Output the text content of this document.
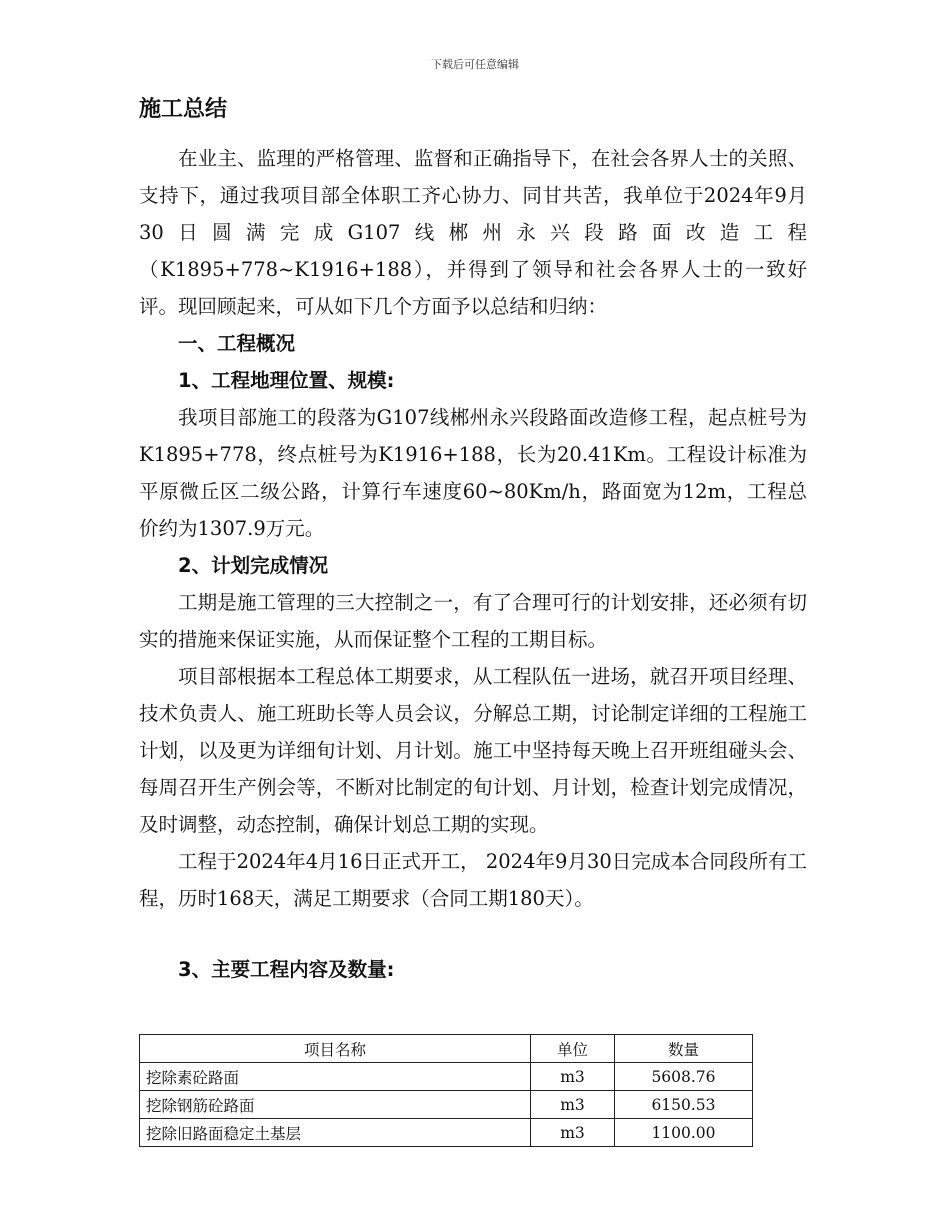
下载后可任意编辑
施工总结

在业主、监理的严格管理、监督和正确指导下，在社会各界人士的关照、支持下，通过我项目部全体职工齐心协力、同甘共苦，我单位于2024年9月30日圆满完成G107线郴州永兴段路面改造工程（K1895+778~K1916+188），并得到了领导和社会各界人士的一致好评。现回顾起来，可从如下几个方面予以总结和归纳：

一、工程概况
1、工程地理位置、规模:

我项目部施工的段落为G107线郴州永兴段路面改造修工程，起点桩号为K1895+778，终点桩号为K1916+188，长为20.41Km。工程设计标准为平原微丘区二级公路，计算行车速度60~80Km/h，路面宽为12m，工程总价约为1307.9万元。

2、计划完成情况

工期是施工管理的三大控制之一，有了合理可行的计划安排，还必须有切实的措施来保证实施，从而保证整个工程的工期目标。

项目部根据本工程总体工期要求，从工程队伍一进场，就召开项目经理、技术负责人、施工班助长等人员会议，分解总工期，讨论制定详细的工程施工计划，以及更为详细旬计划、月计划。施工中坚持每天晚上召开班组碰头会、每周召开生产例会等，不断对比制定的旬计划、月计划，检查计划完成情况，及时调整，动态控制，确保计划总工期的实现。

工程于2024年4月16日正式开工， 2024年9月30日完成本合同段所有工程，历时168天，满足工期要求（合同工期180天）。

3、主要工程内容及数量:
项目名称	单位	数量
挖除素砼路面	m3	5608.76
挖除钢筋砼路面	m3	6150.53
挖除旧路面稳定土基层	m3	1100.00
